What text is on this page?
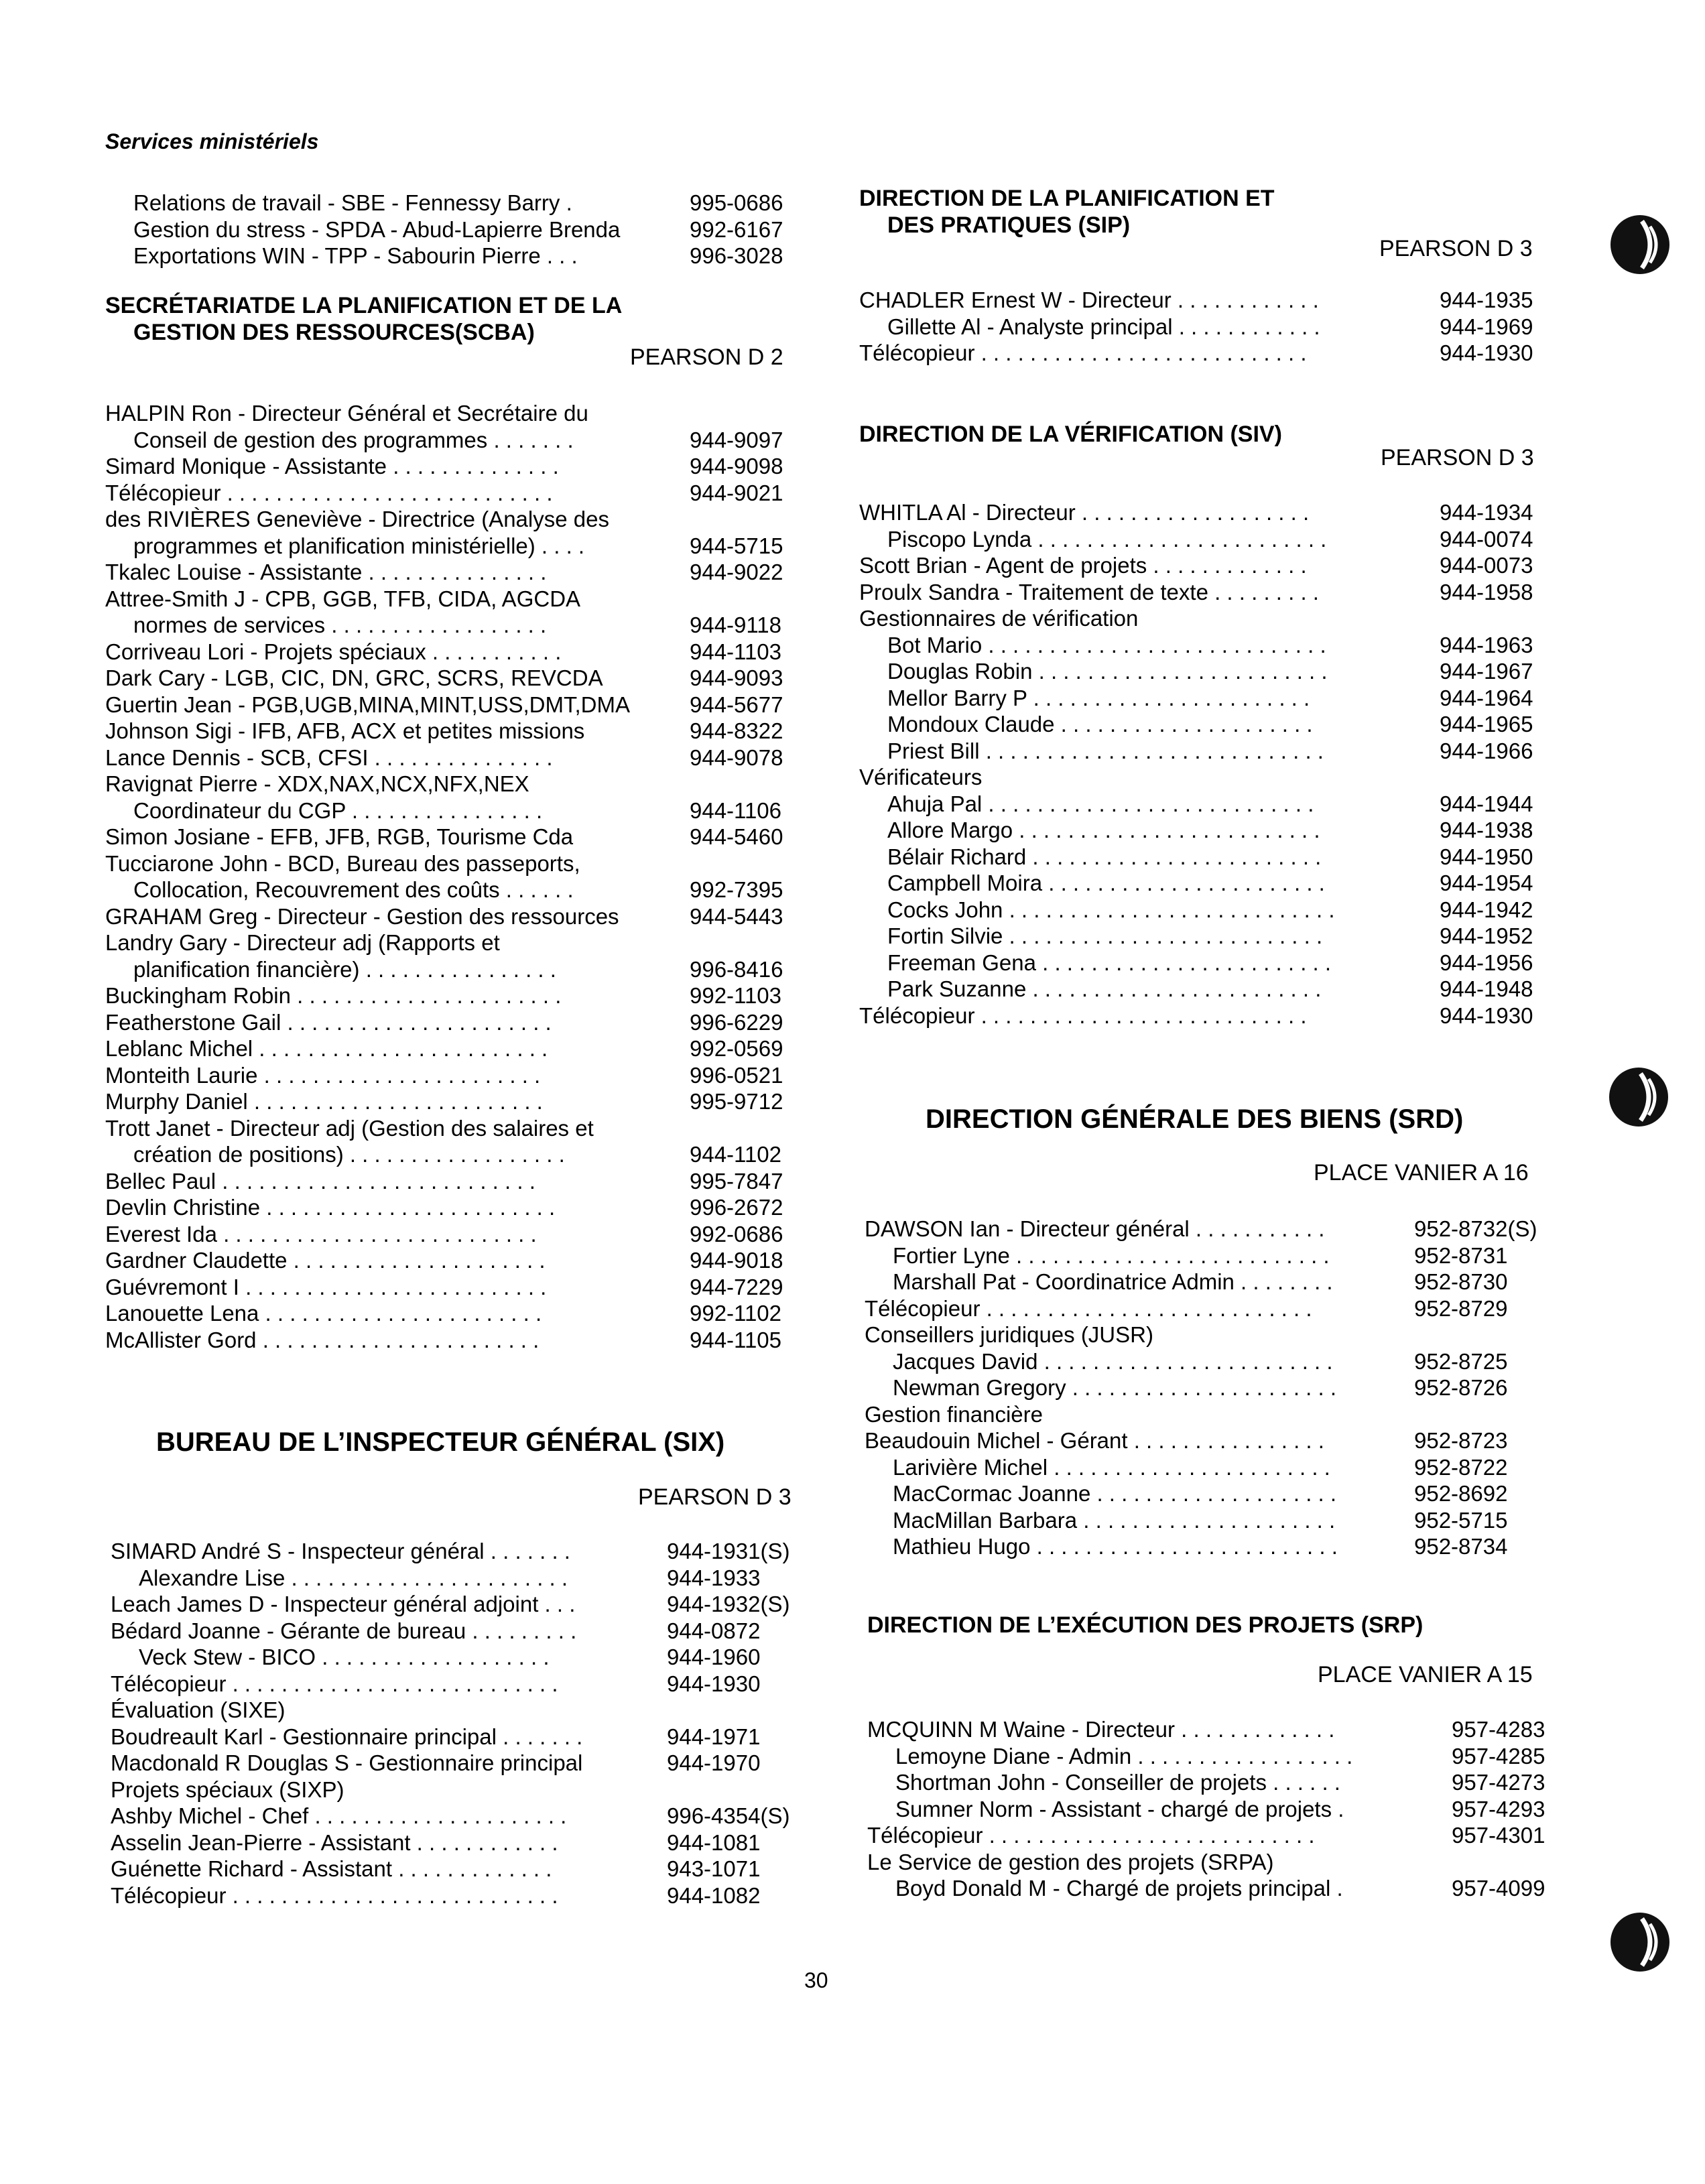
Services ministériels
Relations de travail - SBE - Fennessy Barry .	995-0686
Gestion du stress - SPDA - Abud-Lapierre Brenda	992-6167
Exportations WIN - TPP - Sabourin Pierre . . .	996-3028
SECRÉTARIATDE LA PLANIFICATION ET DE LA
GESTION DES RESSOURCES(SCBA)
PEARSON D 2
HALPIN Ron - Directeur Général et Secrétaire du
Conseil de gestion des programmes . . . . . . .	944-9097
Simard Monique - Assistante . . . . . . . . . . . . . .	944-9098
Télécopieur . . . . . . . . . . . . . . . . . . . . . . . . . . .	944-9021
des RIVIÈRES Geneviève - Directrice (Analyse des
programmes et planification ministérielle) . . . .	944-5715
Tkalec Louise - Assistante . . . . . . . . . . . . . . .	944-9022
Attree-Smith J - CPB, GGB, TFB, CIDA, AGCDA
normes de services . . . . . . . . . . . . . . . . . .	944-9118
Corriveau Lori - Projets spéciaux . . . . . . . . . . .	944-1103
Dark Cary - LGB, CIC, DN, GRC, SCRS, REVCDA	944-9093
Guertin Jean - PGB,UGB,MINA,MINT,USS,DMT,DMA	944-5677
Johnson Sigi - IFB, AFB, ACX et petites missions	944-8322
Lance Dennis - SCB, CFSI . . . . . . . . . . . . . . .	944-9078
Ravignat Pierre - XDX,NAX,NCX,NFX,NEX
Coordinateur du CGP . . . . . . . . . . . . . . . .	944-1106
Simon Josiane - EFB, JFB, RGB, Tourisme Cda	944-5460
Tucciarone John - BCD, Bureau des passeports,
Collocation, Recouvrement des coûts . . . . . .	992-7395
GRAHAM Greg - Directeur - Gestion des ressources	944-5443
Landry Gary - Directeur adj (Rapports et
planification financière) . . . . . . . . . . . . . . . .	996-8416
Buckingham Robin . . . . . . . . . . . . . . . . . . . . . .	992-1103
Featherstone Gail . . . . . . . . . . . . . . . . . . . . . .	996-6229
Leblanc Michel . . . . . . . . . . . . . . . . . . . . . . . .	992-0569
Monteith Laurie . . . . . . . . . . . . . . . . . . . . . . .	996-0521
Murphy Daniel . . . . . . . . . . . . . . . . . . . . . . . .	995-9712
Trott Janet - Directeur adj (Gestion des salaires et
création de positions) . . . . . . . . . . . . . . . . . .	944-1102
Bellec Paul . . . . . . . . . . . . . . . . . . . . . . . . . .	995-7847
Devlin Christine . . . . . . . . . . . . . . . . . . . . . . . .	996-2672
Everest Ida . . . . . . . . . . . . . . . . . . . . . . . . . .	992-0686
Gardner Claudette . . . . . . . . . . . . . . . . . . . . .	944-9018
Guévremont I . . . . . . . . . . . . . . . . . . . . . . . . .	944-7229
Lanouette Lena . . . . . . . . . . . . . . . . . . . . . . .	992-1102
McAllister Gord . . . . . . . . . . . . . . . . . . . . . . .	944-1105
BUREAU DE L’INSPECTEUR GÉNÉRAL (SIX)
PEARSON D 3
SIMARD André S - Inspecteur général . . . . . . .	944-1931(S)
Alexandre Lise . . . . . . . . . . . . . . . . . . . . . . .	944-1933
Leach James D - Inspecteur général adjoint . . .	944-1932(S)
Bédard Joanne - Gérante de bureau . . . . . . . . .	944-0872
Veck Stew - BICO . . . . . . . . . . . . . . . . . . .	944-1960
Télécopieur . . . . . . . . . . . . . . . . . . . . . . . . . . .	944-1930
Évaluation (SIXE)
Boudreault Karl - Gestionnaire principal . . . . . . .	944-1971
Macdonald R Douglas S - Gestionnaire principal	944-1970
Projets spéciaux (SIXP)
Ashby Michel - Chef . . . . . . . . . . . . . . . . . . . . .	996-4354(S)
Asselin Jean-Pierre - Assistant . . . . . . . . . . . .	944-1081
Guénette Richard - Assistant . . . . . . . . . . . . .	943-1071
Télécopieur . . . . . . . . . . . . . . . . . . . . . . . . . . .	944-1082
DIRECTION DE LA PLANIFICATION ET
DES PRATIQUES (SIP)
PEARSON D 3
CHADLER Ernest W - Directeur . . . . . . . . . . . .	944-1935
Gillette Al - Analyste principal . . . . . . . . . . . .	944-1969
Télécopieur . . . . . . . . . . . . . . . . . . . . . . . . . . .	944-1930
DIRECTION DE LA VÉRIFICATION (SIV)
PEARSON D 3
WHITLA Al - Directeur . . . . . . . . . . . . . . . . . . .	944-1934
Piscopo Lynda . . . . . . . . . . . . . . . . . . . . . . . .	944-0074
Scott Brian - Agent de projets . . . . . . . . . . . . .	944-0073
Proulx Sandra - Traitement de texte . . . . . . . . .	944-1958
Gestionnaires de vérification
Bot Mario . . . . . . . . . . . . . . . . . . . . . . . . . . . .	944-1963
Douglas Robin . . . . . . . . . . . . . . . . . . . . . . . .	944-1967
Mellor Barry P . . . . . . . . . . . . . . . . . . . . . . .	944-1964
Mondoux Claude . . . . . . . . . . . . . . . . . . . . .	944-1965
Priest Bill . . . . . . . . . . . . . . . . . . . . . . . . . . . .	944-1966
Vérificateurs
Ahuja Pal . . . . . . . . . . . . . . . . . . . . . . . . . . .	944-1944
Allore Margo . . . . . . . . . . . . . . . . . . . . . . . . .	944-1938
Bélair Richard . . . . . . . . . . . . . . . . . . . . . . . .	944-1950
Campbell Moira . . . . . . . . . . . . . . . . . . . . . . .	944-1954
Cocks John . . . . . . . . . . . . . . . . . . . . . . . . . . .	944-1942
Fortin Silvie . . . . . . . . . . . . . . . . . . . . . . . . . .	944-1952
Freeman Gena . . . . . . . . . . . . . . . . . . . . . . . .	944-1956
Park Suzanne . . . . . . . . . . . . . . . . . . . . . . . .	944-1948
Télécopieur . . . . . . . . . . . . . . . . . . . . . . . . . . .	944-1930
DIRECTION GÉNÉRALE DES BIENS (SRD)
PLACE VANIER A 16
DAWSON Ian - Directeur général . . . . . . . . . . .	952-8732(S)
Fortier Lyne . . . . . . . . . . . . . . . . . . . . . . . . . .	952-8731
Marshall Pat - Coordinatrice Admin . . . . . . . .	952-8730
Télécopieur . . . . . . . . . . . . . . . . . . . . . . . . . . .	952-8729
Conseillers juridiques (JUSR)
Jacques David . . . . . . . . . . . . . . . . . . . . . . . .	952-8725
Newman Gregory . . . . . . . . . . . . . . . . . . . . . .	952-8726
Gestion financière
Beaudouin Michel - Gérant . . . . . . . . . . . . . . . .	952-8723
Larivière Michel . . . . . . . . . . . . . . . . . . . . . . .	952-8722
MacCormac Joanne . . . . . . . . . . . . . . . . . . . .	952-8692
MacMillan Barbara . . . . . . . . . . . . . . . . . . . . .	952-5715
Mathieu Hugo . . . . . . . . . . . . . . . . . . . . . . . . .	952-8734
DIRECTION DE L’EXÉCUTION DES PROJETS (SRP)
PLACE VANIER A 15
MCQUINN M Waine - Directeur . . . . . . . . . . . . .	957-4283
Lemoyne Diane - Admin . . . . . . . . . . . . . . . . . .	957-4285
Shortman John - Conseiller de projets . . . . . .	957-4273
Sumner Norm - Assistant - chargé de projets .	957-4293
Télécopieur . . . . . . . . . . . . . . . . . . . . . . . . . . .	957-4301
Le Service de gestion des projets (SRPA)
Boyd Donald M - Chargé de projets principal .	957-4099
30
